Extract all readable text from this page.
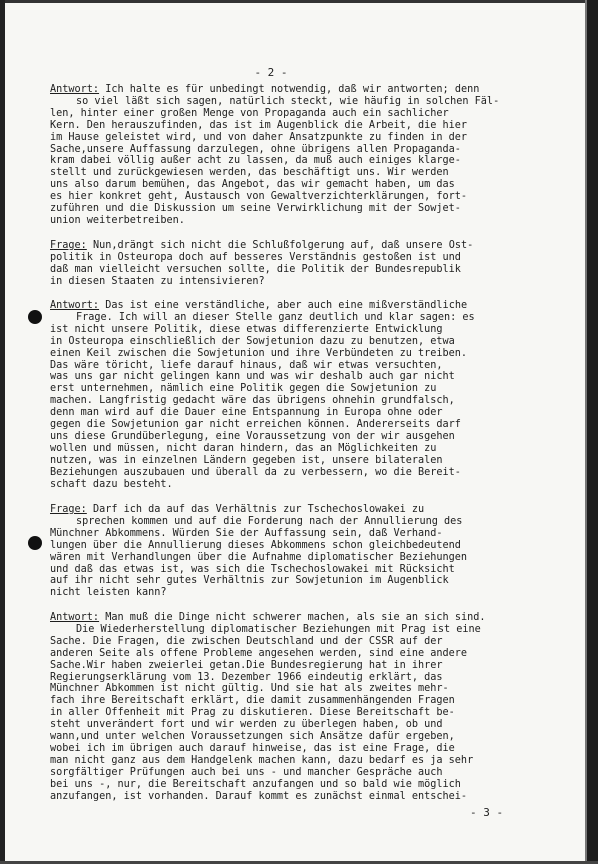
- 2 -
Antwort: Ich halte es für unbedingt notwendig, daß wir antworten; denn
so viel läßt sich sagen, natürlich steckt, wie häufig in solchen Fäl-
len, hinter einer großen Menge von Propaganda auch ein sachlicher
Kern. Den herauszufinden, das ist im Augenblick die Arbeit, die hier
im Hause geleistet wird, und von daher Ansatzpunkte zu finden in der
Sache,unsere Auffassung darzulegen, ohne übrigens allen Propaganda-
kram dabei völlig außer acht zu lassen, da muß auch einiges klarge-
stellt und zurückgewiesen werden, das beschäftigt uns. Wir werden
uns also darum bemühen, das Angebot, das wir gemacht haben, um das
es hier konkret geht, Austausch von Gewaltverzichterklärungen, fort-
zuführen und die Diskussion um seine Verwirklichung mit der Sowjet-
union weiterbetreiben.
Frage: Nun,drängt sich nicht die Schlußfolgerung auf, daß unsere Ost-
politik in Osteuropa doch auf besseres Verständnis gestoßen ist und
daß man vielleicht versuchen sollte, die Politik der Bundesrepublik
in diesen Staaten zu intensivieren?
Antwort: Das ist eine verständliche, aber auch eine mißverständliche
Frage. Ich will an dieser Stelle ganz deutlich und klar sagen: es
ist nicht unsere Politik, diese etwas differenzierte Entwicklung
in Osteuropa einschließlich der Sowjetunion dazu zu benutzen, etwa
einen Keil zwischen die Sowjetunion und ihre Verbündeten zu treiben.
Das wäre töricht, liefe darauf hinaus, daß wir etwas versuchten,
was uns gar nicht gelingen kann und was wir deshalb auch gar nicht
erst unternehmen, nämlich eine Politik gegen die Sowjetunion zu
machen. Langfristig gedacht wäre das übrigens ohnehin grundfalsch,
denn man wird auf die Dauer eine Entspannung in Europa ohne oder
gegen die Sowjetunion gar nicht erreichen können. Andererseits darf
uns diese Grundüberlegung, eine Voraussetzung von der wir ausgehen
wollen und müssen, nicht daran hindern, das an Möglichkeiten zu
nutzen, was in einzelnen Ländern gegeben ist, unsere bilateralen
Beziehungen auszubauen und überall da zu verbessern, wo die Bereit-
schaft dazu besteht.
Frage: Darf ich da auf das Verhältnis zur Tschechoslowakei zu
sprechen kommen und auf die Forderung nach der Annullierung des
Münchner Abkommens. Würden Sie der Auffassung sein, daß Verhand-
lungen über die Annullierung dieses Abkommens schon gleichbedeutend
wären mit Verhandlungen über die Aufnahme diplomatischer Beziehungen
und daß das etwas ist, was sich die Tschechoslowakei mit Rücksicht
auf ihr nicht sehr gutes Verhältnis zur Sowjetunion im Augenblick
nicht leisten kann?
Antwort: Man muß die Dinge nicht schwerer machen, als sie an sich sind.
Die Wiederherstellung diplomatischer Beziehungen mit Prag ist eine
Sache. Die Fragen, die zwischen Deutschland und der CSSR auf der
anderen Seite als offene Probleme angesehen werden, sind eine andere
Sache.Wir haben zweierlei getan.Die Bundesregierung hat in ihrer
Regierungserklärung vom 13. Dezember 1966 eindeutig erklärt, das
Münchner Abkommen ist nicht gültig. Und sie hat als zweites mehr-
fach ihre Bereitschaft erklärt, die damit zusammenhängenden Fragen
in aller Offenheit mit Prag zu diskutieren. Diese Bereitschaft be-
steht unverändert fort und wir werden zu überlegen haben, ob und
wann,und unter welchen Voraussetzungen sich Ansätze dafür ergeben,
wobei ich im übrigen auch darauf hinweise, das ist eine Frage, die
man nicht ganz aus dem Handgelenk machen kann, dazu bedarf es ja sehr
sorgfältiger Prüfungen auch bei uns - und mancher Gespräche auch
bei uns -, nur, die Bereitschaft anzufangen und so bald wie möglich
anzufangen, ist vorhanden. Darauf kommt es zunächst einmal entschei-
- 3 -
